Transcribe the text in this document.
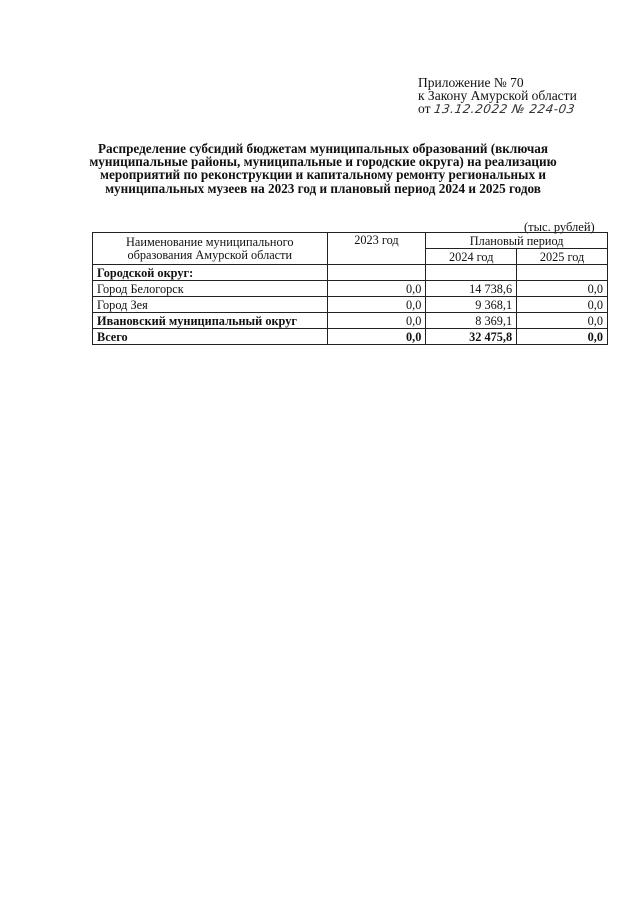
Приложение № 70
к Закону Амурской области
от 13.12.2022 № 224-03
Распределение субсидий бюджетам муниципальных образований (включая муниципальные районы, муниципальные и городские округа) на реализацию мероприятий по реконструкции и капитальному ремонту региональных и муниципальных музеев на 2023 год и плановый период 2024 и 2025 годов
(тыс. рублей)
Наименование муниципального
образования Амурской области	2023 год	Плановый период	
		2024 год	2025 год
Городской округ:			
Город Белогорск	0,0	14 738,6	0,0
Город Зея	0,0	9 368,1	0,0
Ивановский муниципальный округ	0,0	8 369,1	0,0
Всего	0,0	32 475,8	0,0
